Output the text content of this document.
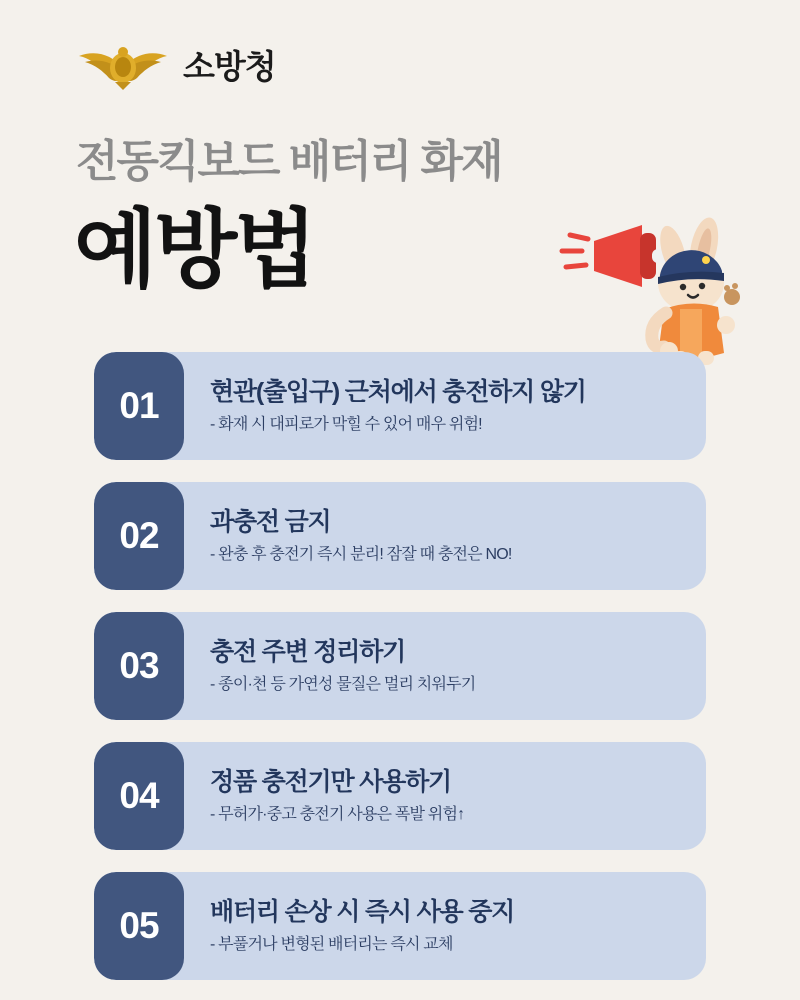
소방청
전동킥보드 배터리 화재
예방법
01	현관(출입구) 근처에서 충전하지 않기
- 화재 시 대피로가 막힐 수 있어 매우 위험!
02	과충전 금지
- 완충 후 충전기 즉시 분리! 잠잘 때 충전은 NO!
03	충전 주변 정리하기
- 종이·천 등 가연성 물질은 멀리 치워두기
04	정품 충전기만 사용하기
- 무허가·중고 충전기 사용은 폭발 위험↑
05	배터리 손상 시 즉시 사용 중지
- 부풀거나 변형된 배터리는 즉시 교체
